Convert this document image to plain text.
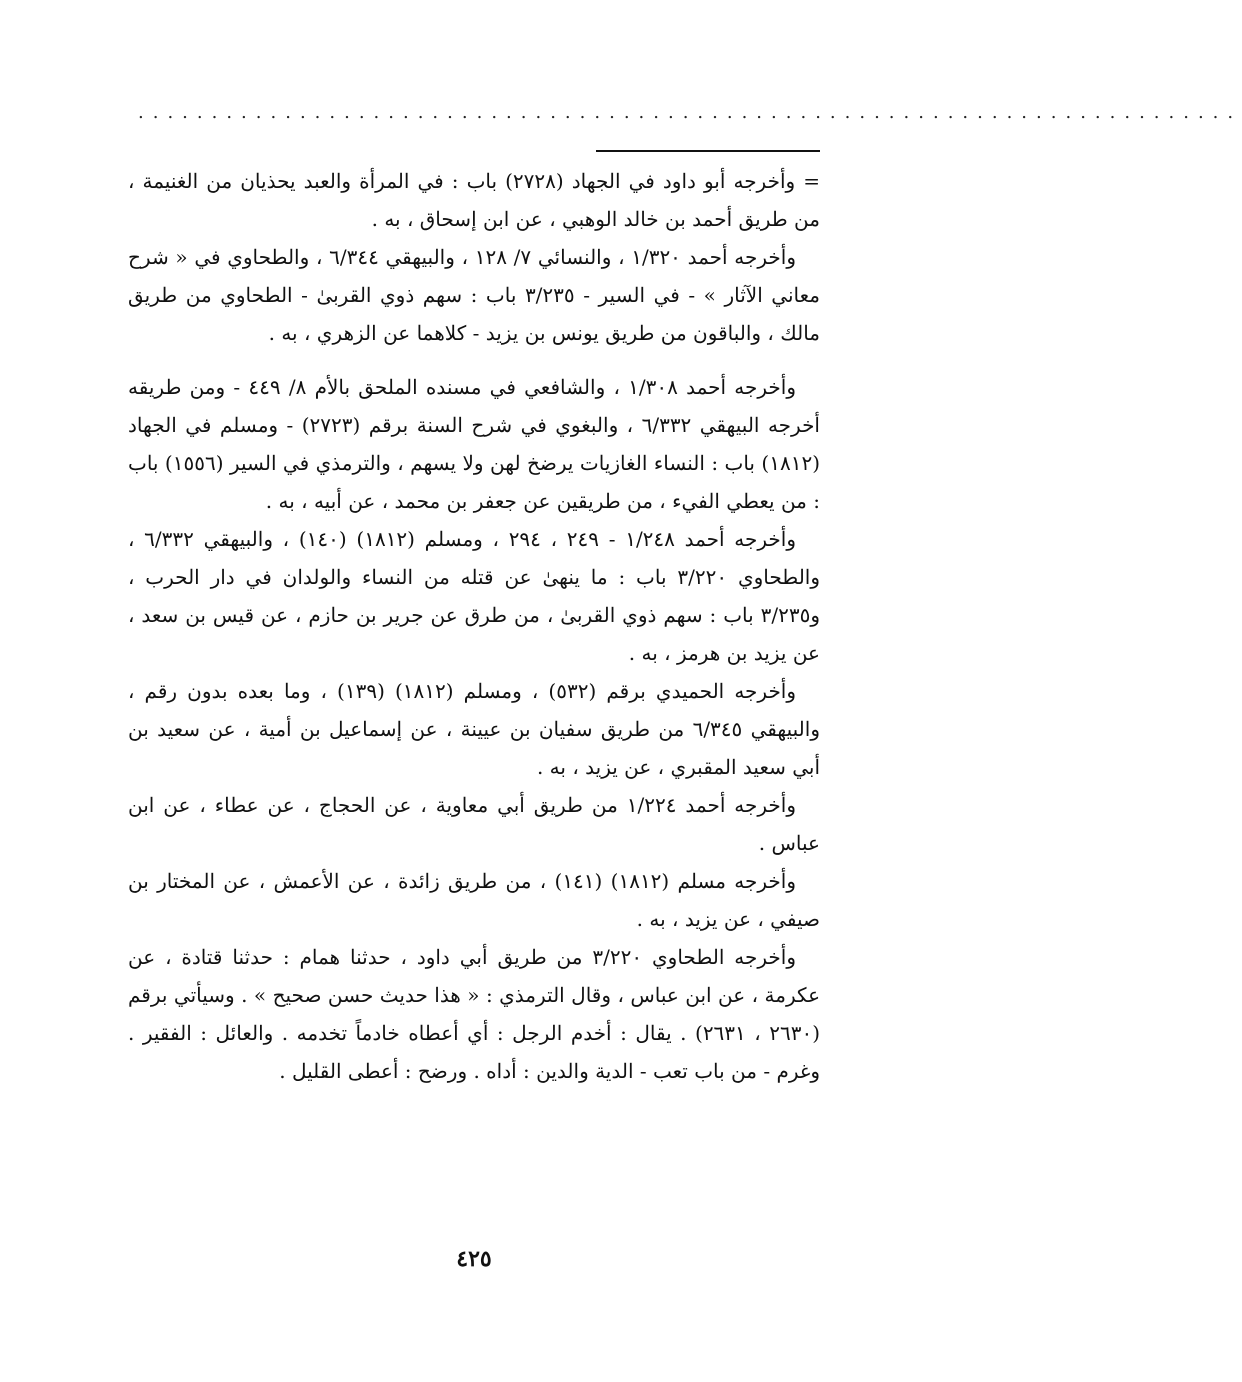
...........................................................................

= وأخرجه أبو داود في الجهاد (٢٧٢٨) باب : في المرأة والعبد يحذيان من الغنيمة ، من طريق أحمد بن خالد الوهبي ، عن ابن إسحاق ، به .

وأخرجه أحمد ١/٣٢٠ ، والنسائي ٧/ ١٢٨ ، والبيهقي ٦/٣٤٤ ، والطحاوي في « شرح معاني الآثار » - في السير - ٣/٢٣٥ باب : سهم ذوي القربىٰ - الطحاوي من طريق مالك ، والباقون من طريق يونس بن يزيد - كلاهما عن الزهري ، به .

وأخرجه أحمد ١/٣٠٨ ، والشافعي في مسنده الملحق بالأم ٨/ ٤٤٩ - ومن طريقه أخرجه البيهقي ٦/٣٣٢ ، والبغوي في شرح السنة برقم (٢٧٢٣) - ومسلم في الجهاد (١٨١٢) باب : النساء الغازيات يرضخ لهن ولا يسهم ، والترمذي في السير (١٥٥٦) باب : من يعطي الفيء ، من طريقين عن جعفر بن محمد ، عن أبيه ، به .

وأخرجه أحمد ١/٢٤٨ - ٢٤٩ ، ٢٩٤ ، ومسلم (١٨١٢) (١٤٠) ، والبيهقي ٦/٣٣٢ ، والطحاوي ٣/٢٢٠ باب : ما ينهىٰ عن قتله من النساء والولدان في دار الحرب ، و٣/٢٣٥ باب : سهم ذوي القربىٰ ، من طرق عن جرير بن حازم ، عن قيس بن سعد ، عن يزيد بن هرمز ، به .

وأخرجه الحميدي برقم (٥٣٢) ، ومسلم (١٨١٢) (١٣٩) ، وما بعده بدون رقم ، والبيهقي ٦/٣٤٥ من طريق سفيان بن عيينة ، عن إسماعيل بن أمية ، عن سعيد بن أبي سعيد المقبري ، عن يزيد ، به .

وأخرجه أحمد ١/٢٢٤ من طريق أبي معاوية ، عن الحجاج ، عن عطاء ، عن ابن عباس .

وأخرجه مسلم (١٨١٢) (١٤١) ، من طريق زائدة ، عن الأعمش ، عن المختار بن صيفي ، عن يزيد ، به .

وأخرجه الطحاوي ٣/٢٢٠ من طريق أبي داود ، حدثنا همام : حدثنا قتادة ، عن عكرمة ، عن ابن عباس ، وقال الترمذي : « هذا حديث حسن صحيح » . وسيأتي برقم (٢٦٣٠ ، ٢٦٣١) . يقال : أخدم الرجل : أي أعطاه خادماً تخدمه . والعائل : الفقير . وغرم - من باب تعب - الدية والدين : أداه . ورضح : أعطى القليل .

٤٢٥
